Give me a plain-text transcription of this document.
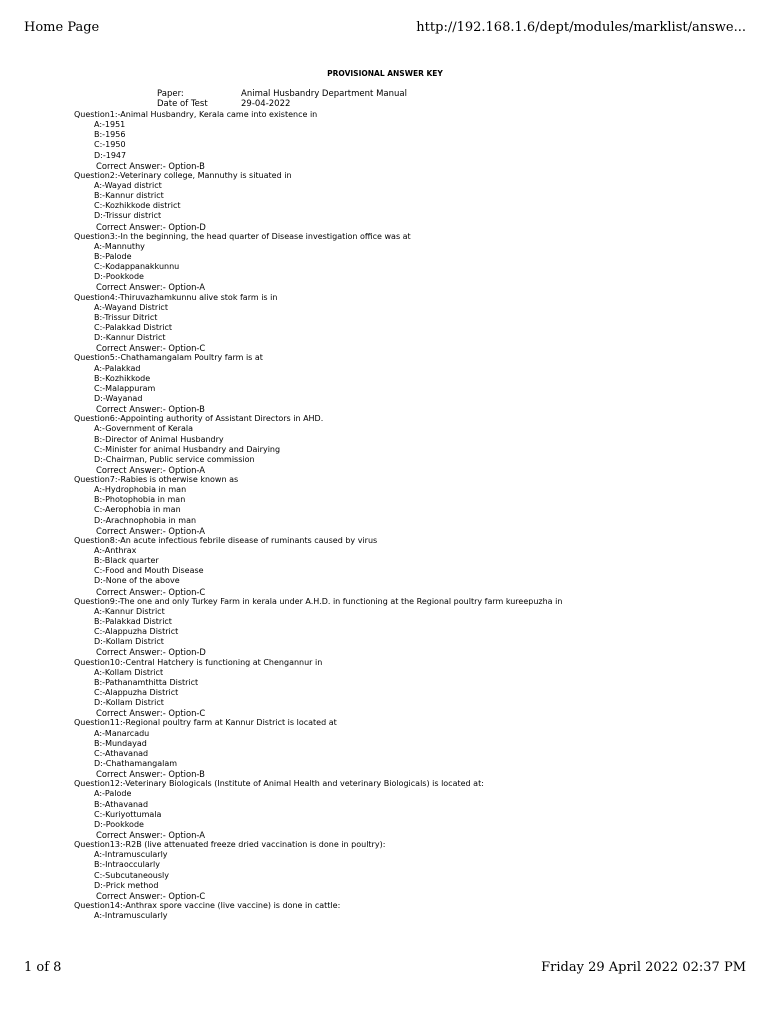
Home Page	http://192.168.1.6/dept/modules/marklist/answe...
PROVISIONAL ANSWER KEY
Paper:	Animal Husbandry Department Manual
Date of Test	29-04-2022
Question1:-Animal Husbandry, Kerala came into existence in
A:-1951
B:-1956
C:-1950
D:-1947
Correct Answer:- Option-B
Question2:-Veterinary college, Mannuthy is situated in
A:-Wayad district
B:-Kannur district
C:-Kozhikkode district
D:-Trissur district
Correct Answer:- Option-D
Question3:-In the beginning, the head quarter of Disease investigation office was at
A:-Mannuthy
B:-Palode
C:-Kodappanakkunnu
D:-Pookkode
Correct Answer:- Option-A
Question4:-Thiruvazhamkunnu alive stok farm is in
A:-Wayand District
B:-Trissur Ditrict
C:-Palakkad District
D:-Kannur District
Correct Answer:- Option-C
Question5:-Chathamangalam Poultry farm is at
A:-Palakkad
B:-Kozhikkode
C:-Malappuram
D:-Wayanad
Correct Answer:- Option-B
Question6:-Appointing authority of Assistant Directors in AHD.
A:-Government of Kerala
B:-Director of Animal Husbandry
C:-Minister for animal Husbandry and Dairying
D:-Chairman, Public service commission
Correct Answer:- Option-A
Question7:-Rabies is otherwise known as
A:-Hydrophobia in man
B:-Photophobia in man
C:-Aerophobia in man
D:-Arachnophobia in man
Correct Answer:- Option-A
Question8:-An acute infectious febrile disease of ruminants caused by virus
A:-Anthrax
B:-Black quarter
C:-Food and Mouth Disease
D:-None of the above
Correct Answer:- Option-C
Question9:-The one and only Turkey Farm in kerala under A.H.D. in functioning at the Regional poultry farm kureepuzha in
A:-Kannur District
B:-Palakkad District
C:-Alappuzha District
D:-Kollam District
Correct Answer:- Option-D
Question10:-Central Hatchery is functioning at Chengannur in
A:-Kollam District
B:-Pathanamthitta District
C:-Alappuzha District
D:-Kollam District
Correct Answer:- Option-C
Question11:-Regional poultry farm at Kannur District is located at
A:-Manarcadu
B:-Mundayad
C:-Athavanad
D:-Chathamangalam
Correct Answer:- Option-B
Question12:-Veterinary Biologicals (Institute of Animal Health and veterinary Biologicals) is located at:
A:-Palode
B:-Athavanad
C:-Kuriyottumala
D:-Pookkode
Correct Answer:- Option-A
Question13:-R2B (live attenuated freeze dried vaccination is done in poultry):
A:-Intramuscularly
B:-Intraoccularly
C:-Subcutaneously
D:-Prick method
Correct Answer:- Option-C
Question14:-Anthrax spore vaccine (live vaccine) is done in cattle:
A:-Intramuscularly
1 of 8	Friday 29 April 2022 02:37 PM
